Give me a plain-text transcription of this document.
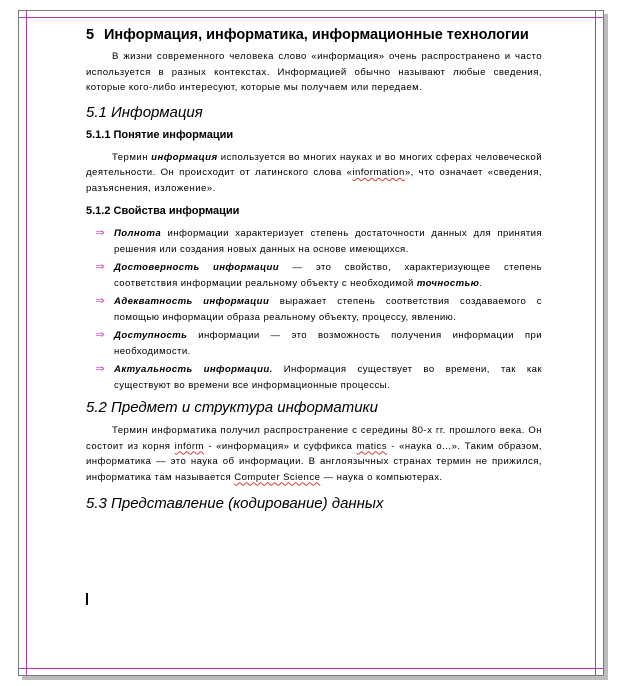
5 Информация, информатика, информационные технологии

В жизни современного человека слово «информация» очень распространено и часто используется в разных контекстах. Информацией обычно называют любые сведения, которые кого-либо интересуют, которые мы получаем или передаем.

5.1 Информация
5.1.1 Понятие информации

Термин информация используется во многих науках и во многих сферах человеческой деятельности. Он происходит от латинского слова «information», что означает «сведения, разъяснения, изложение».

5.1.2 Свойства информации
⇒ Полнота информации характеризует степень достаточности данных для принятия решения или создания новых данных на основе имеющихся.
⇒ Достоверность информации — это свойство, характеризующее степень соответствия информации реальному объекту с необходимой точностью.
⇒ Адекватность информации выражает степень соответствия создаваемого с помощью информации образа реальному объекту, процессу, явлению.
⇒ Доступность информации — это возможность получения информации при необходимости.
⇒ Актуальность информации. Информация существует во времени, так как существуют во времени все информационные процессы.
5.2 Предмет и структура информатики

Термин информатика получил распространение с середины 80-х гг. прошлого века. Он состоит из корня inform - «информация» и суффикса matics - «наука о...». Таким образом, информатика — это наука об информации. В англоязычных странах термин не прижился, информатика там называется Computer Science — наука о компьютерах.

5.3 Представление (кодирование) данных
